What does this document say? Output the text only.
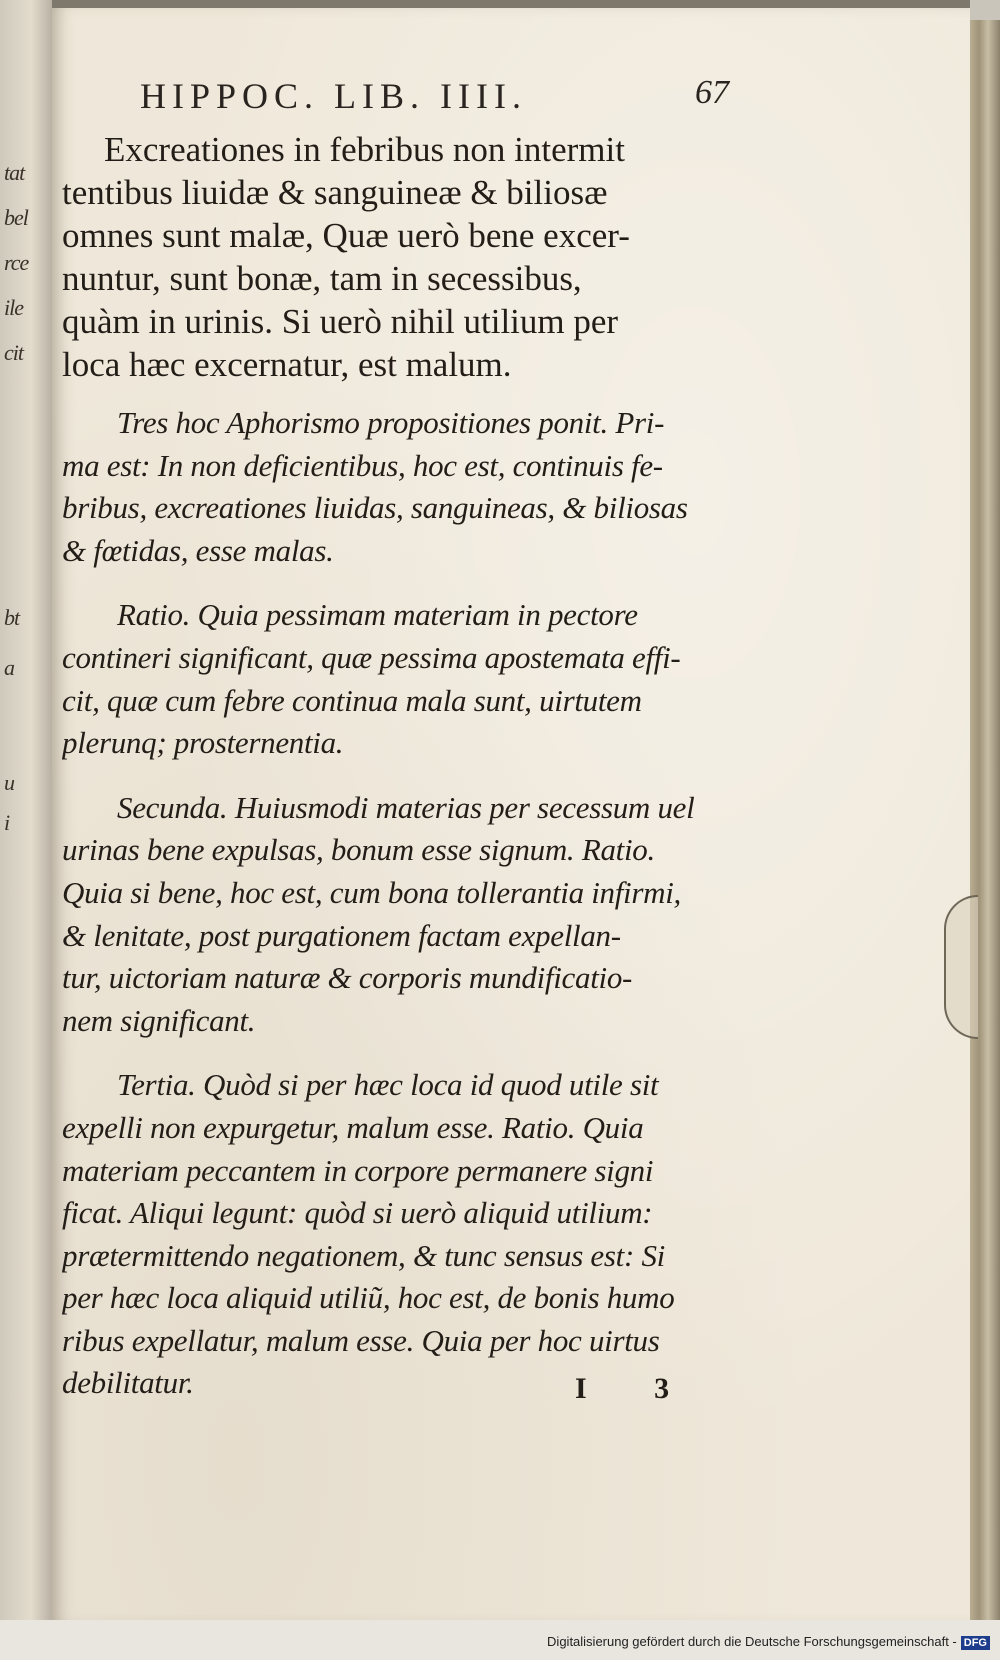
tat
bel
rce
ile
cit
bt
a
u
i
HIPPOC. LIB. IIII.	67
Excreationes in febribus non intermit
tentibus liuidæ & sanguineæ & biliosæ
omnes sunt malæ, Quæ uerò bene excer-
nuntur, sunt bonæ, tam in secessibus,
quàm in urinis. Si uerò nihil utilium per
loca hæc excernatur, est malum.
Tres hoc Aphorismo propositiones ponit. Pri-
ma est: In non deficientibus, hoc est, continuis fe-
bribus, excreationes liuidas, sanguineas, & biliosas
& fœtidas, esse malas.
Ratio. Quia pessimam materiam in pectore
contineri significant, quæ pessima apostemata effi-
cit, quæ cum febre continua mala sunt, uirtutem
plerunq; prosternentia.
Secunda. Huiusmodi materias per secessum uel
urinas bene expulsas, bonum esse signum. Ratio.
Quia si bene, hoc est, cum bona tollerantia infirmi,
& lenitate, post purgationem factam expellan-
tur, uictoriam naturæ & corporis mundificatio-
nem significant.
Tertia. Quòd si per hæc loca id quod utile sit
expelli non expurgetur, malum esse. Ratio. Quia
materiam peccantem in corpore permanere signi
ficat. Aliqui legunt: quòd si uerò aliquid utilium:
prætermittendo negationem, & tunc sensus est: Si
per hæc loca aliquid utiliũ, hoc est, de bonis humo
ribus expellatur, malum esse. Quia per hoc uirtus
debilitatur.	I 3
Digitalisierung gefördert durch die Deutsche Forschungsgemeinschaft - DFG
